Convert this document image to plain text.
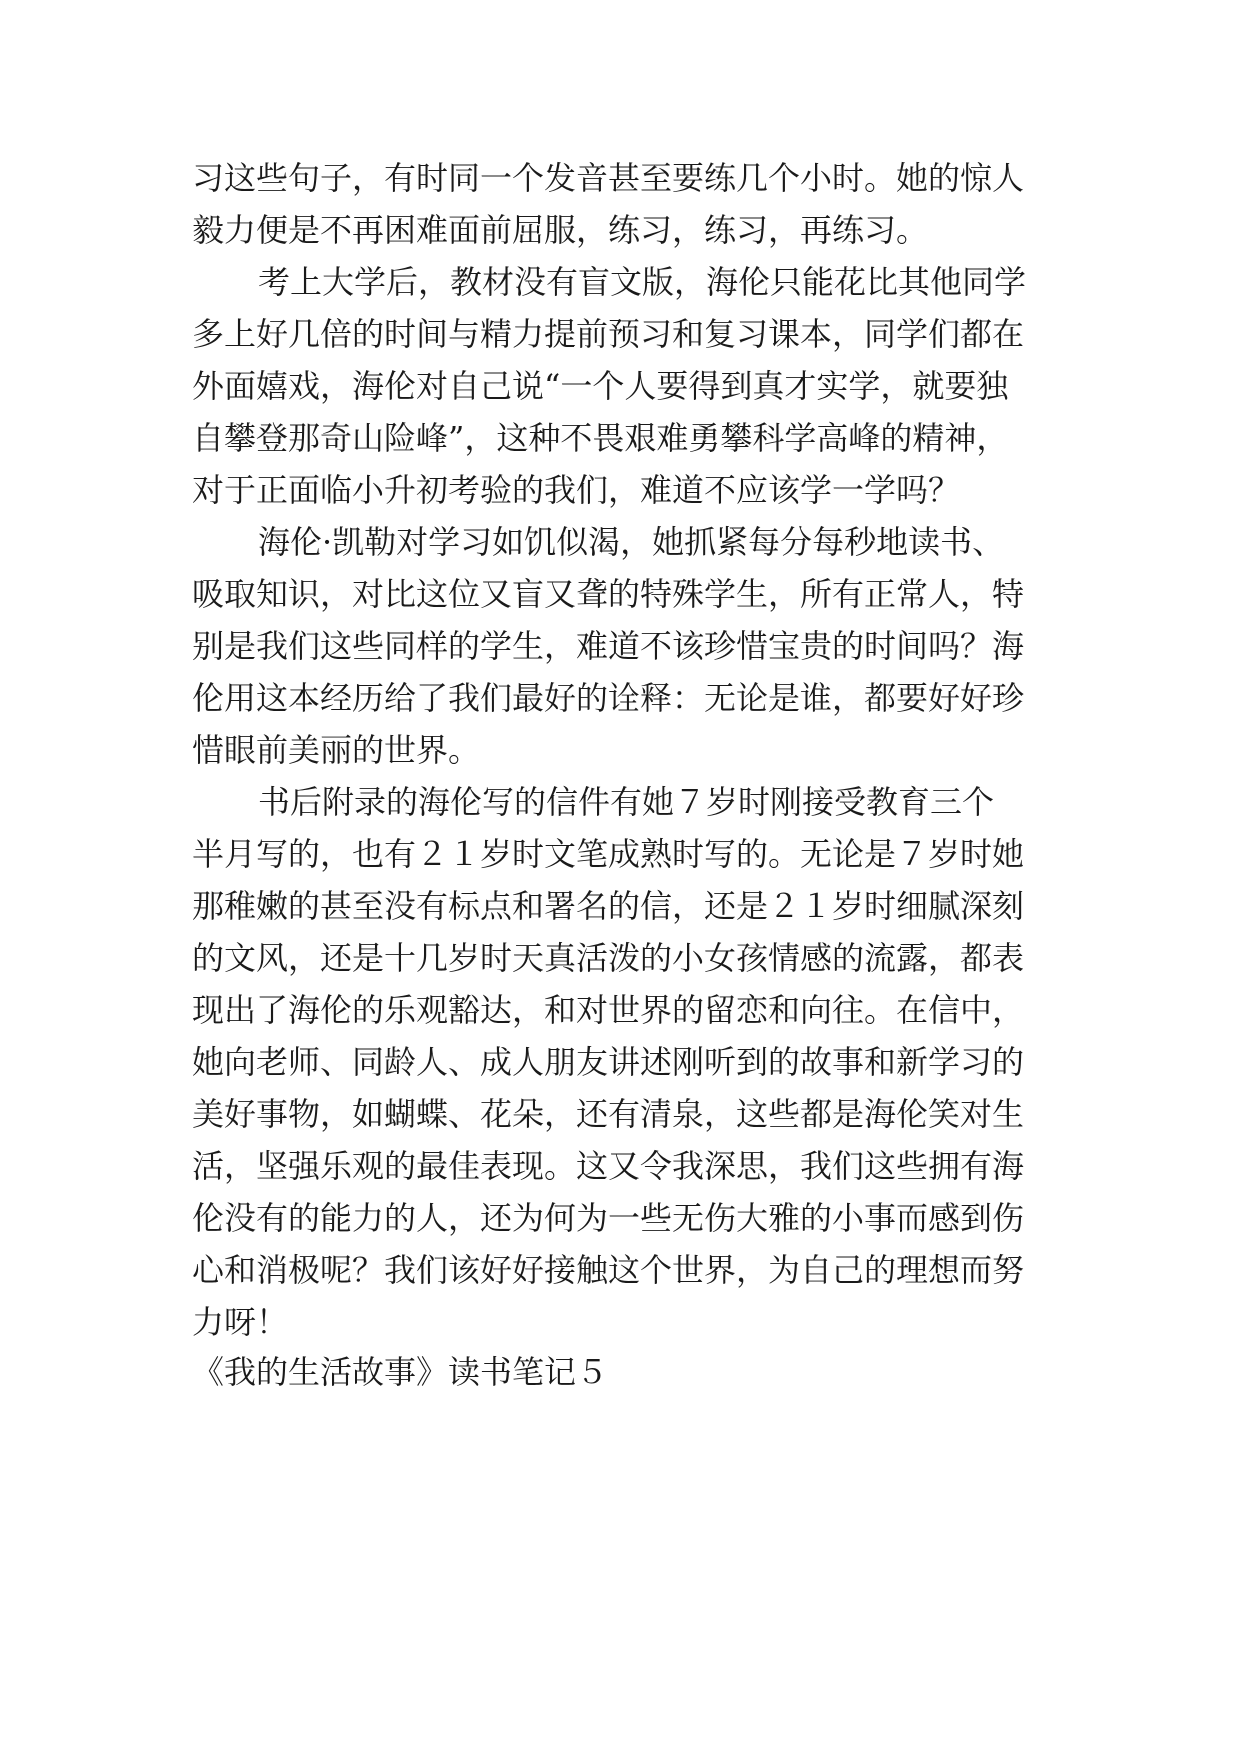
习这些句子，有时同一个发音甚至要练几个小时。她的惊人
毅力便是不再困难面前屈服，练习，练习，再练习。
考上大学后，教材没有盲文版，海伦只能花比其他同学
多上好几倍的时间与精力提前预习和复习课本，同学们都在
外面嬉戏，海伦对自己说“一个人要得到真才实学，就要独
自攀登那奇山险峰”，这种不畏艰难勇攀科学高峰的精神，
对于正面临小升初考验的我们，难道不应该学一学吗？
海伦·凯勒对学习如饥似渴，她抓紧每分每秒地读书、
吸取知识，对比这位又盲又聋的特殊学生，所有正常人，特
别是我们这些同样的学生，难道不该珍惜宝贵的时间吗？海
伦用这本经历给了我们最好的诠释：无论是谁，都要好好珍
惜眼前美丽的世界。
书后附录的海伦写的信件有她７岁时刚接受教育三个
半月写的，也有２１岁时文笔成熟时写的。无论是７岁时她
那稚嫩的甚至没有标点和署名的信，还是２１岁时细腻深刻
的文风，还是十几岁时天真活泼的小女孩情感的流露，都表
现出了海伦的乐观豁达，和对世界的留恋和向往。在信中，
她向老师、同龄人、成人朋友讲述刚听到的故事和新学习的
美好事物，如蝴蝶、花朵，还有清泉，这些都是海伦笑对生
活，坚强乐观的最佳表现。这又令我深思，我们这些拥有海
伦没有的能力的人，还为何为一些无伤大雅的小事而感到伤
心和消极呢？我们该好好接触这个世界，为自己的理想而努
力呀！
《我的生活故事》读书笔记５
